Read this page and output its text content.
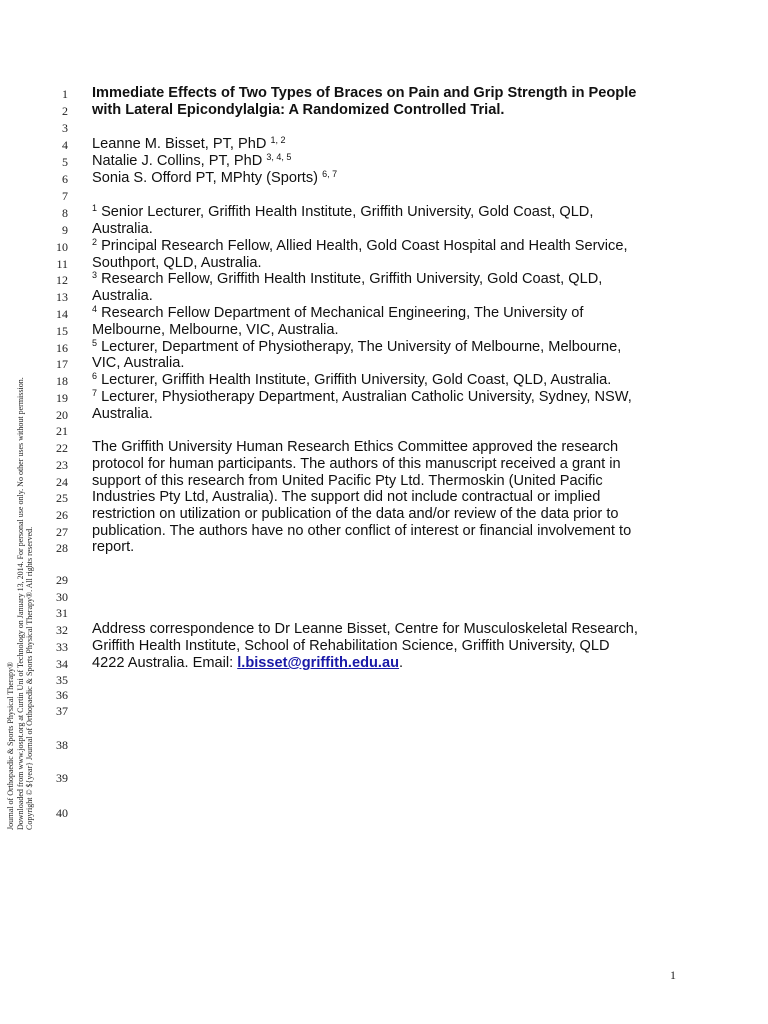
1
2
3
4
5
6
7
8
9
10
11
12
13
14
15
16
17
18
19
20
21
22
23
24
25
26
27
28
29
30
31
32
33
34
35
36
37
38
39
40
Immediate Effects of Two Types of Braces on Pain and Grip Strength in People
with Lateral Epicondylalgia: A Randomized Controlled Trial.
Leanne M. Bisset, PT, PhD $^{1, 2}$
Natalie J. Collins, PT, PhD $^{3, 4, 5}$
Sonia S. Offord PT, MPhty (Sports) $^{6, 7}$
$^1$ Senior Lecturer, Griffith Health Institute, Griffith University, Gold Coast, QLD,
Australia.
$^2$ Principal Research Fellow, Allied Health, Gold Coast Hospital and Health Service,
Southport, QLD, Australia.
$^3$ Research Fellow, Griffith Health Institute, Griffith University, Gold Coast, QLD,
Australia.
$^4$ Research Fellow Department of Mechanical Engineering, The University of
Melbourne, Melbourne, VIC, Australia.
$^5$ Lecturer, Department of Physiotherapy, The University of Melbourne, Melbourne,
VIC, Australia.
$^6$ Lecturer, Griffith Health Institute, Griffith University, Gold Coast, QLD, Australia.
$^7$ Lecturer, Physiotherapy Department, Australian Catholic University, Sydney, NSW,
Australia.
The Griffith University Human Research Ethics Committee approved the research
protocol for human participants. The authors of this manuscript received a grant in
support of this research from United Pacific Pty Ltd. Thermoskin (United Pacific
Industries Pty Ltd, Australia). The support did not include contractual or implied
restriction on utilization or publication of the data and/or review of the data prior to
publication. The authors have no other conflict of interest or financial involvement to
report.
Address correspondence to Dr Leanne Bisset, Centre for Musculoskeletal Research,
Griffith Health Institute, School of Rehabilitation Science, Griffith University, QLD
4222 Australia. Email: l.bisset@griffith.edu.au.
Journal of Orthopaedic & Sports Physical Therapy® Downloaded from www.jospt.org at Curtin Uni of Technology on January 13, 2014. For personal use only. No other uses without permission. Copyright © ${year} Journal of Orthopaedic & Sports Physical Therapy®. All rights reserved.
1
